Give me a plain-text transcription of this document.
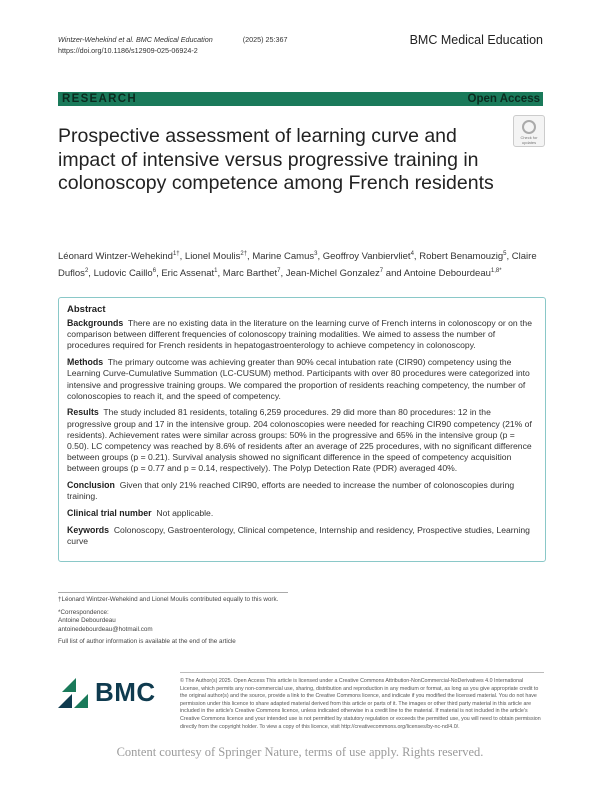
Wintzer-Wehekind et al. BMC Medical Education	(2025) 25:367
https://doi.org/10.1186/s12909-025-06924-2
BMC Medical Education
RESEARCH	Open Access
Prospective assessment of learning curve and impact of intensive versus progressive training in colonoscopy competence among French residents
Check for
updates
Léonard Wintzer-Wehekind$^{1\dagger}$, Lionel Moulis$^{2\dagger}$, Marine Camus$^3$, Geoffroy Vanbiervliet$^4$, Robert Benamouzig$^5$, Claire Duflos$^2$, Ludovic Caillo$^6$, Eric Assenat$^1$, Marc Barthet$^7$, Jean-Michel Gonzalez$^7$ and Antoine Debourdeau$^{1,8*}$
Abstract

Backgrounds There are no existing data in the literature on the learning curve of French interns in colonoscopy or on the comparison between different frequencies of colonoscopy training modalities. We aimed to assess the number of procedures required for French residents in hepatogastroenterology to achieve competency in colonoscopy.

Methods The primary outcome was achieving greater than 90% cecal intubation rate (CIR90) competency using the Learning Curve-Cumulative Summation (LC-CUSUM) method. Participants with over 80 procedures were categorized into intensive and progressive training groups. We compared the proportion of residents reaching competency, the number of colonoscopies to reach it, and the speed of competency.

Results The study included 81 residents, totaling 6,259 procedures. 29 did more than 80 procedures: 12 in the progressive group and 17 in the intensive group. 204 colonoscopies were needed for reaching CIR90 competency (21% of residents). Achievement rates were similar across groups: 50% in the progressive and 65% in the intensive group (p = 0.50). LC competency was reached by 8.6% of residents after an average of 225 procedures, with no significant difference between groups (p = 0.21). Survival analysis showed no significant difference in the speed of competency acquisition between groups (p = 0.77 and p = 0.14, respectively). The Polyp Detection Rate (PDR) averaged 40%.

Conclusion Given that only 21% reached CIR90, efforts are needed to increase the number of colonoscopies during training.

Clinical trial number Not applicable.

Keywords Colonoscopy, Gastroenterology, Clinical competence, Internship and residency, Prospective studies, Learning curve

†Léonard Wintzer-Wehekind and Lionel Moulis contributed equally to this work.

*Correspondence:
Antoine Debourdeau
antoinedebourdeau@hotmail.com

Full list of author information is available at the end of the article

BMC	© The Author(s) 2025. Open Access This article is licensed under a Creative Commons Attribution-NonCommercial-NoDerivatives 4.0 International License, which permits any non-commercial use, sharing, distribution and reproduction in any medium or format, as long as you give appropriate credit to the original author(s) and the source, provide a link to the Creative Commons licence, and indicate if you modified the licensed material. You do not have permission under this licence to share adapted material derived from this article or parts of it. The images or other third party material in this article are included in the article's Creative Commons licence, unless indicated otherwise in a credit line to the material. If material is not included in the article's Creative Commons licence and your intended use is not permitted by statutory regulation or exceeds the permitted use, you will need to obtain permission directly from the copyright holder. To view a copy of this licence, visit http://creativecommons.org/licenses/by-nc-nd/4.0/.
Content courtesy of Springer Nature, terms of use apply. Rights reserved.
